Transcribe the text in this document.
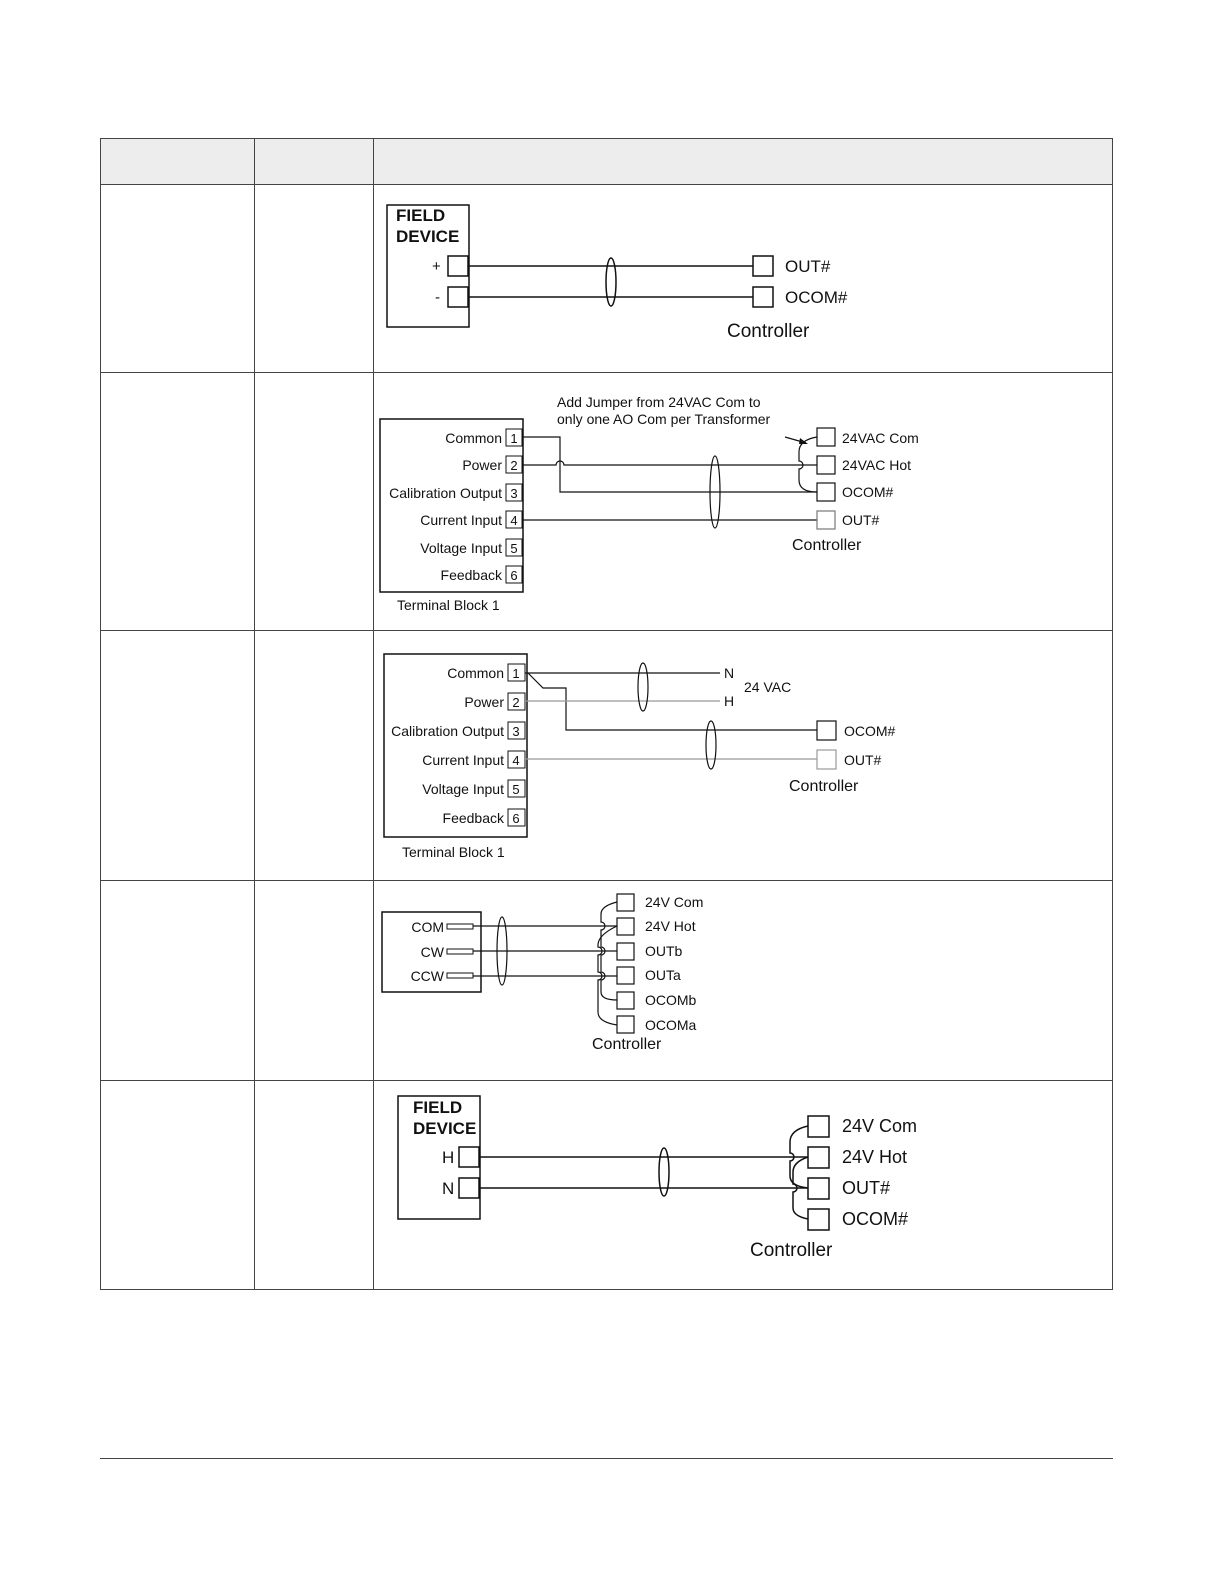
FIELD
DEVICE
+
-
OUT#
OCOM#
Controller
Add Jumper from 24VAC Com to
only one AO Com per Transformer
Common
Power
Calibration Output
Current Input
Voltage Input
Feedback
1
2
3
4
5
6
Terminal Block 1
24VAC Com
24VAC Hot
OCOM#
OUT#
Controller
Common
Power
Calibration Output
Current Input
Voltage Input
Feedback
1
2
3
4
5
6
Terminal Block 1
N
H
24 VAC
OCOM#
OUT#
Controller
COM
CW
CCW
24V Com
24V Hot
OUTb
OUTa
OCOMb
OCOMa
Controller
FIELD
DEVICE
H
N
24V Com
24V Hot
OUT#
OCOM#
Controller
